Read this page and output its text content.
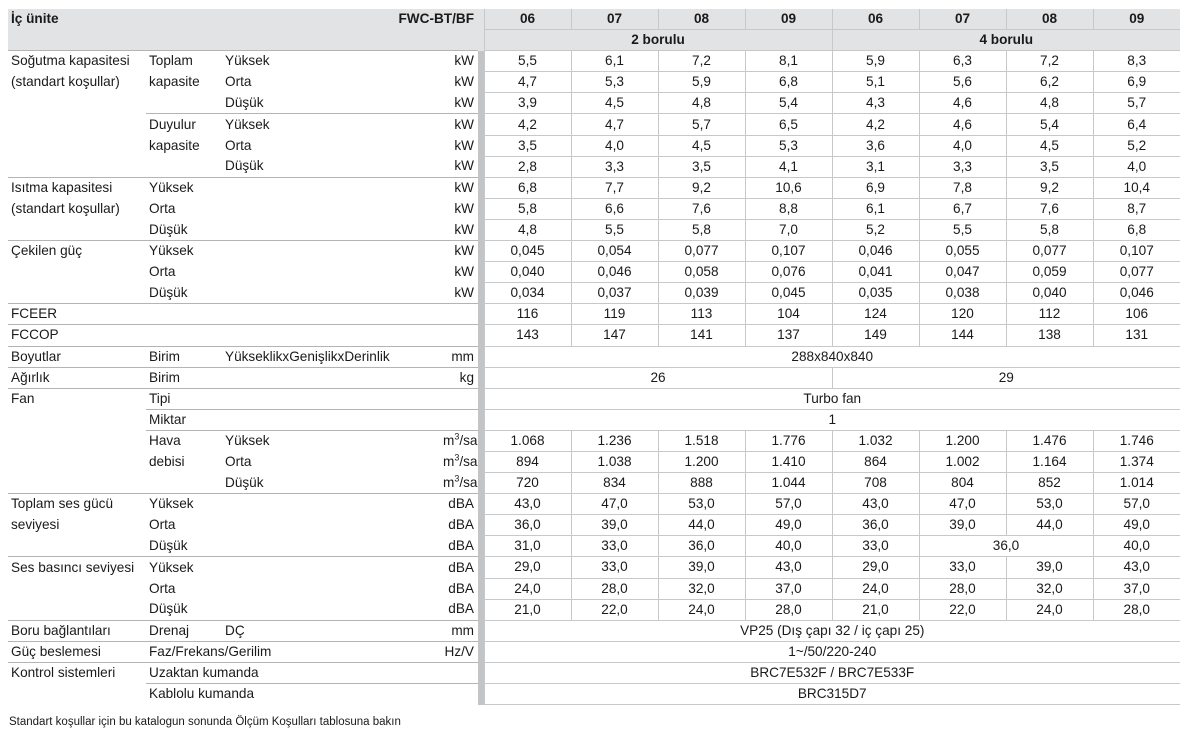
İç ünite		FWC-BT/BF			06	07	08	09	06	07	08	09
					2 borulu				4 borulu			
Soğutma kapasitesi	Toplam	Yüksek	kW		5,5	6,1	7,2	8,1	5,9	6,3	7,2	8,3
(standart koşullar)	kapasite	Orta	kW		4,7	5,3	5,9	6,8	5,1	5,6	6,2	6,9
		Düşük	kW		3,9	4,5	4,8	5,4	4,3	4,6	4,8	5,7
	Duyulur	Yüksek	kW		4,2	4,7	5,7	6,5	4,2	4,6	5,4	6,4
	kapasite	Orta	kW		3,5	4,0	4,5	5,3	3,6	4,0	4,5	5,2
		Düşük	kW		2,8	3,3	3,5	4,1	3,1	3,3	3,5	4,0
Isıtma kapasitesi	Yüksek		kW		6,8	7,7	9,2	10,6	6,9	7,8	9,2	10,4
(standart koşullar)	Orta		kW		5,8	6,6	7,6	8,8	6,1	6,7	7,6	8,7
	Düşük		kW		4,8	5,5	5,8	7,0	5,2	5,5	5,8	6,8
Çekilen güç	Yüksek		kW		0,045	0,054	0,077	0,107	0,046	0,055	0,077	0,107
	Orta		kW		0,040	0,046	0,058	0,076	0,041	0,047	0,059	0,077
	Düşük		kW		0,034	0,037	0,039	0,045	0,035	0,038	0,040	0,046
FCEER					116	119	113	104	124	120	112	106
FCCOP					143	147	141	137	149	144	138	131
Boyutlar	Birim	YükseklikxGenişlikxDerinlik	mm		288x840x840							
Ağırlık	Birim		kg		26				29			
Fan	Tipi				Turbo fan							
	Miktar				1							
	Hava	Yüksek	$m^3/sa$		1.068	1.236	1.518	1.776	1.032	1.200	1.476	1.746
	debisi	Orta	$m^3/sa$		894	1.038	1.200	1.410	864	1.002	1.164	1.374
		Düşük	$m^3/sa$		720	834	888	1.044	708	804	852	1.014
Toplam ses gücü	Yüksek		dBA		43,0	47,0	53,0	57,0	43,0	47,0	53,0	57,0
seviyesi	Orta		dBA		36,0	39,0	44,0	49,0	36,0	39,0	44,0	49,0
	Düşük		dBA		31,0	33,0	36,0	40,0	33,0	36,0		40,0
Ses basıncı seviyesi	Yüksek		dBA		29,0	33,0	39,0	43,0	29,0	33,0	39,0	43,0
	Orta		dBA		24,0	28,0	32,0	37,0	24,0	28,0	32,0	37,0
	Düşük		dBA		21,0	22,0	24,0	28,0	21,0	22,0	24,0	28,0
Boru bağlantıları	Drenaj	DÇ	mm		VP25 (Dış çapı 32 / iç çapı 25)							
Güç beslemesi	Faz/Frekans/Gerilim		Hz/V		1~/50/220-240							
Kontrol sistemleri	Uzaktan kumanda				BRC7E532F / BRC7E533F							
	Kablolu kumanda				BRC315D7							
Standart koşullar için bu katalogun sonunda Ölçüm Koşulları tablosuna bakın
